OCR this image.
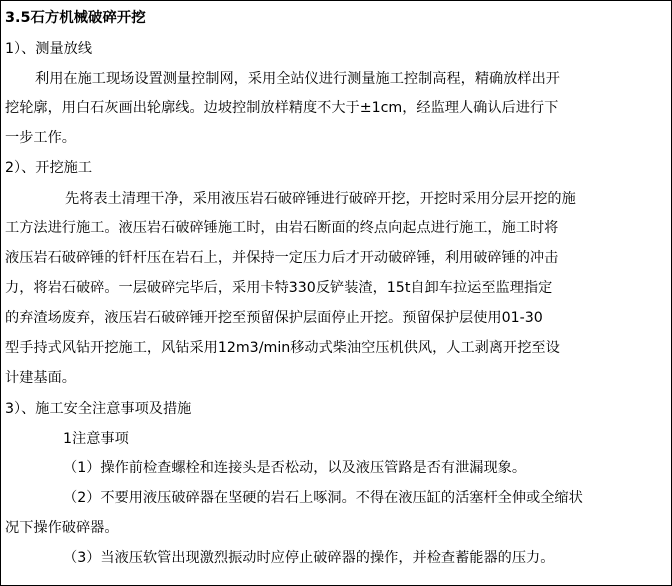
3.5石方机械破碎开挖
1）、测量放线
利用在施工现场设置测量控制网，采用全站仪进行测量施工控制高程，精确放样出开
挖轮廓，用白石灰画出轮廓线。边坡控制放样精度不大于±1cm，经监理人确认后进行下
一步工作。
2）、开挖施工
先将表土清理干净，采用液压岩石破碎锤进行破碎开挖，开挖时采用分层开挖的施
工方法进行施工。液压岩石破碎锤施工时，由岩石断面的终点向起点进行施工，施工时将
液压岩石破碎锤的钎杆压在岩石上，并保持一定压力后才开动破碎锤，利用破碎锤的冲击
力，将岩石破碎。一层破碎完毕后，采用卡特330反铲装渣，15t自卸车拉运至监理指定
的弃渣场废弃，液压岩石破碎锤开挖至预留保护层面停止开挖。预留保护层使用01-30
型手持式风钻开挖施工，风钻采用12m3/min移动式柴油空压机供风，人工剥离开挖至设
计建基面。
3）、施工安全注意事项及措施
1注意事项
（1）操作前检查螺栓和连接头是否松动，以及液压管路是否有泄漏现象。
（2）不要用液压破碎器在坚硬的岩石上啄洞。不得在液压缸的活塞杆全伸或全缩状
况下操作破碎器。
（3）当液压软管出现激烈振动时应停止破碎器的操作，并检查蓄能器的压力。
